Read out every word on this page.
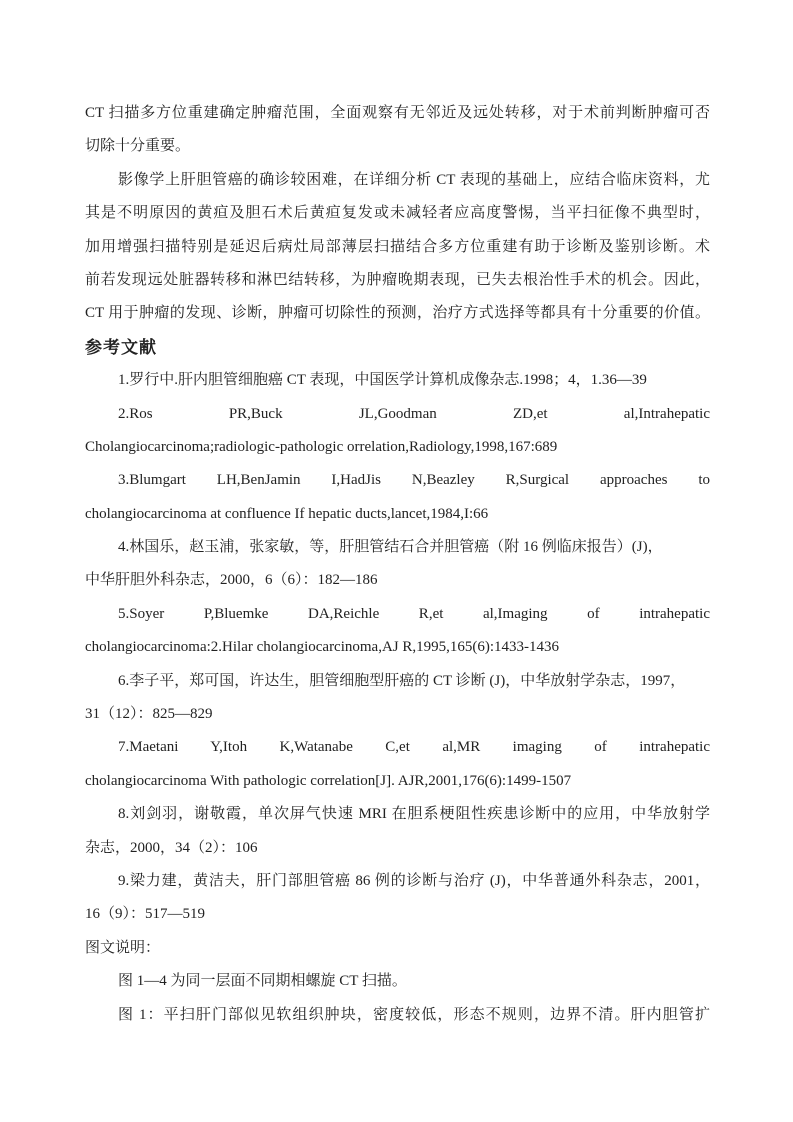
CT 扫描多方位重建确定肿瘤范围，全面观察有无邻近及远处转移，对于术前判断肿瘤可否
切除十分重要。
影像学上肝胆管癌的确诊较困难，在详细分析 CT 表现的基础上，应结合临床资料，尤
其是不明原因的黄疸及胆石术后黄疸复发或未减轻者应高度警惕，当平扫征像不典型时，
加用增强扫描特别是延迟后病灶局部薄层扫描结合多方位重建有助于诊断及鉴别诊断。术
前若发现远处脏器转移和淋巴结转移，为肿瘤晚期表现，已失去根治性手术的机会。因此，
CT 用于肿瘤的发现、诊断，肿瘤可切除性的预测，治疗方式选择等都具有十分重要的价值。
参考文献
1.罗行中.肝内胆管细胞癌 CT 表现，中国医学计算机成像杂志.1998；4，1.36—39
2.Ros PR,Buck JL,Goodman ZD,et al,Intrahepatic
Cholangiocarcinoma;radiologic-pathologic orrelation,Radiology,1998,167:689
3.Blumgart LH,BenJamin I,HadJis N,Beazley R,Surgical approaches to
cholangiocarcinoma at confluence If hepatic ducts,lancet,1984,I:66
4.林国乐，赵玉浦，张家敏，等，肝胆管结石合并胆管癌（附 16 例临床报告）(J)，
中华肝胆外科杂志，2000，6（6）：182—186
5.Soyer P,Bluemke DA,Reichle R,et al,Imaging of intrahepatic
cholangiocarcinoma:2.Hilar cholangiocarcinoma,AJ R,1995,165(6):1433-1436
6.李子平，郑可国，许达生，胆管细胞型肝癌的 CT 诊断 (J)，中华放射学杂志，1997，
31（12）：825—829
7.Maetani Y,Itoh K,Watanabe C,et al,MR imaging of intrahepatic
cholangiocarcinoma With pathologic correlation[J]. AJR,2001,176(6):1499-1507
8.刘剑羽，谢敬霞，单次屏气快速 MRI 在胆系梗阻性疾患诊断中的应用，中华放射学
杂志，2000，34（2）：106
9.梁力建，黄洁夫，肝门部胆管癌 86 例的诊断与治疗 (J)，中华普通外科杂志，2001，
16（9）：517—519
图文说明：
图 1—4 为同一层面不同期相螺旋 CT 扫描。
图 1：平扫肝门部似见软组织肿块，密度较低，形态不规则，边界不清。肝内胆管扩
